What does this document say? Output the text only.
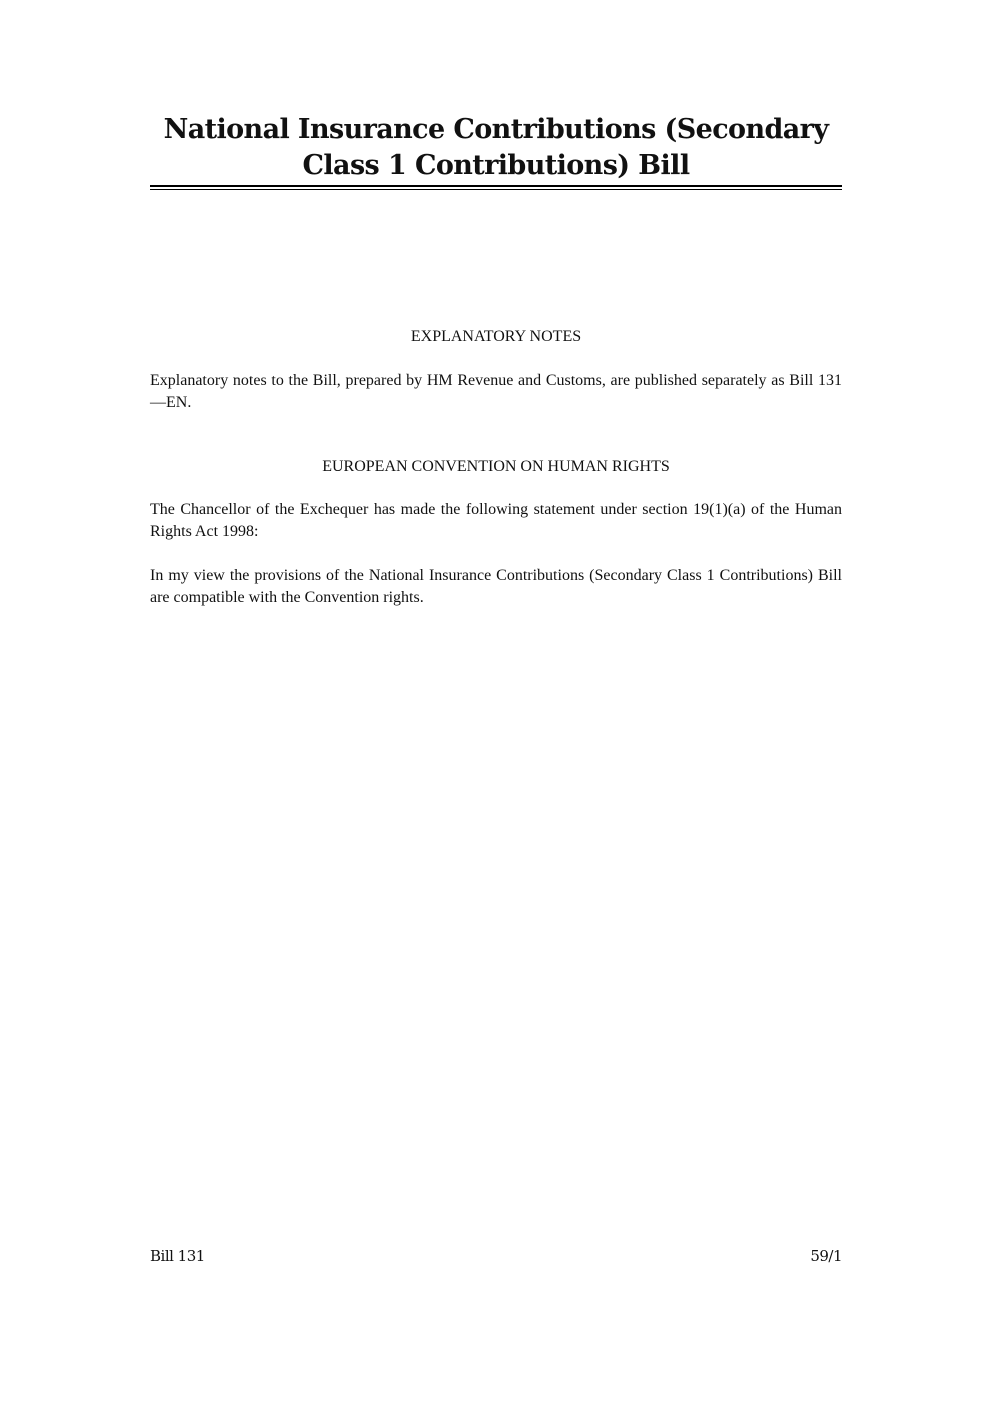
National Insurance Contributions (Secondary Class 1 Contributions) Bill
EXPLANATORY NOTES

Explanatory notes to the Bill, prepared by HM Revenue and Customs, are published separately as Bill 131—EN.

EUROPEAN CONVENTION ON HUMAN RIGHTS

The Chancellor of the Exchequer has made the following statement under section 19(1)(a) of the Human Rights Act 1998:

In my view the provisions of the National Insurance Contributions (Secondary Class 1 Contributions) Bill are compatible with the Convention rights.

Bill 131	59/1
